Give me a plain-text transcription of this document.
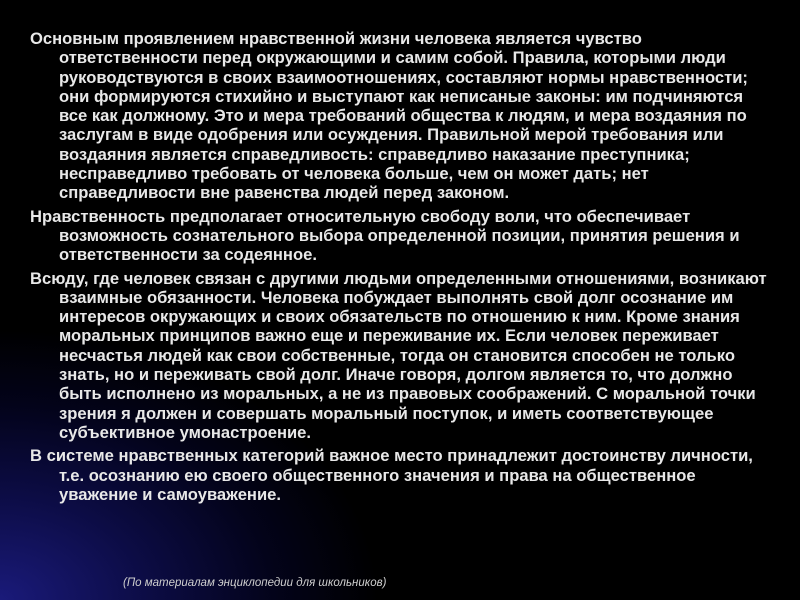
Основным проявлением нравственной жизни человека является чувство ответственности перед окружающими и самим собой. Правила, которыми люди руководствуются в своих взаимоотношениях, составляют нормы нравственности; они формируются стихийно и выступают как неписаные законы: им подчиняются все как должному. Это и мера требований общества к людям, и мера воздаяния по заслугам в виде одобрения или осуждения. Правильной мерой требования или воздаяния является справедливость: справедливо наказание преступника; несправедливо требовать от человека больше, чем он может дать; нет справедливости вне равенства людей перед законом.

Нравственность предполагает относительную свободу воли, что обеспечивает возможность сознательного выбора определенной позиции, принятия решения и ответственности за содеянное.

Всюду, где человек связан с другими людьми определенными отношениями, возникают взаимные обязанности. Человека побуждает выполнять свой долг осознание им интересов окружающих и своих обязательств по отношению к ним. Кроме знания моральных принципов важно еще и переживание их. Если человек переживает несчастья людей как свои собственные, тогда он становится способен не только знать, но и переживать свой долг. Иначе говоря, долгом является то, что должно быть исполнено из моральных, а не из правовых соображений. С моральной точки зрения я должен и совершать моральный поступок, и иметь соответствующее субъективное умонастроение.

В системе нравственных категорий важное место принадлежит достоинству личности, т.е. осознанию ею своего общественного значения и права на общественное уважение и самоуважение.

(По материалам энциклопедии для школьников)
